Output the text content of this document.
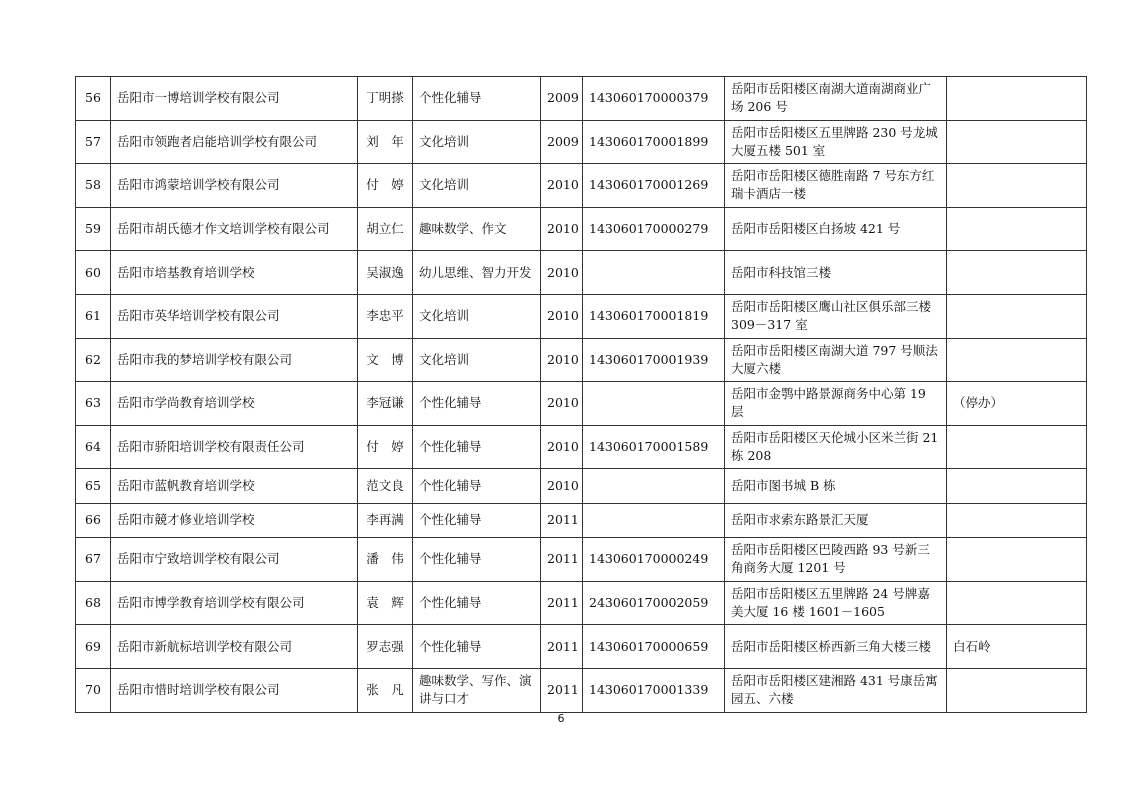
56	岳阳市一博培训学校有限公司	丁明搽	个性化辅导	2009	143060170000379	岳阳市岳阳楼区南湖大道南湖商业广场 206 号	
57	岳阳市领跑者启能培训学校有限公司	刘　年	文化培训	2009	143060170001899	岳阳市岳阳楼区五里牌路 230 号龙城大厦五楼 501 室	
58	岳阳市鸿蒙培训学校有限公司	付　婷	文化培训	2010	143060170001269	岳阳市岳阳楼区德胜南路 7 号东方红瑞卡酒店一楼	
59	岳阳市胡氏德才作文培训学校有限公司	胡立仁	趣味数学、作文	2010	143060170000279	岳阳市岳阳楼区白扬坡 421 号	
60	岳阳市培基教育培训学校	吴淑逸	幼儿思维、智力开发	2010		岳阳市科技馆三楼	
61	岳阳市英华培训学校有限公司	李忠平	文化培训	2010	143060170001819	岳阳市岳阳楼区鹰山社区俱乐部三楼 309－317 室	
62	岳阳市我的梦培训学校有限公司	文　博	文化培训	2010	143060170001939	岳阳市岳阳楼区南湖大道 797 号顺法大厦六楼	
63	岳阳市学尚教育培训学校	李冠谦	个性化辅导	2010		岳阳市金鹗中路景源商务中心第 19 层	（停办）
64	岳阳市骄阳培训学校有限责任公司	付　婷	个性化辅导	2010	143060170001589	岳阳市岳阳楼区天伦城小区米兰街 21 栋 208	
65	岳阳市蓝帆教育培训学校	范文良	个性化辅导	2010		岳阳市图书城 B 栋	
66	岳阳市競才修业培训学校	李再满	个性化辅导	2011		岳阳市求索东路景汇天厦	
67	岳阳市宁致培训学校有限公司	潘　伟	个性化辅导	2011	143060170000249	岳阳市岳阳楼区巴陵西路 93 号新三角商务大厦 1201 号	
68	岳阳市博学教育培训学校有限公司	袁　辉	个性化辅导	2011	243060170002059	岳阳市岳阳楼区五里牌路 24 号牌嘉美大厦 16 楼 1601－1605	
69	岳阳市新航标培训学校有限公司	罗志强	个性化辅导	2011	143060170000659	岳阳市岳阳楼区桥西新三角大楼三楼	白石岭
70	岳阳市惜时培训学校有限公司	张　凡	趣味数学、写作、演讲与口才	2011	143060170001339	岳阳市岳阳楼区建湘路 431 号康岳寓园五、六楼	
6
